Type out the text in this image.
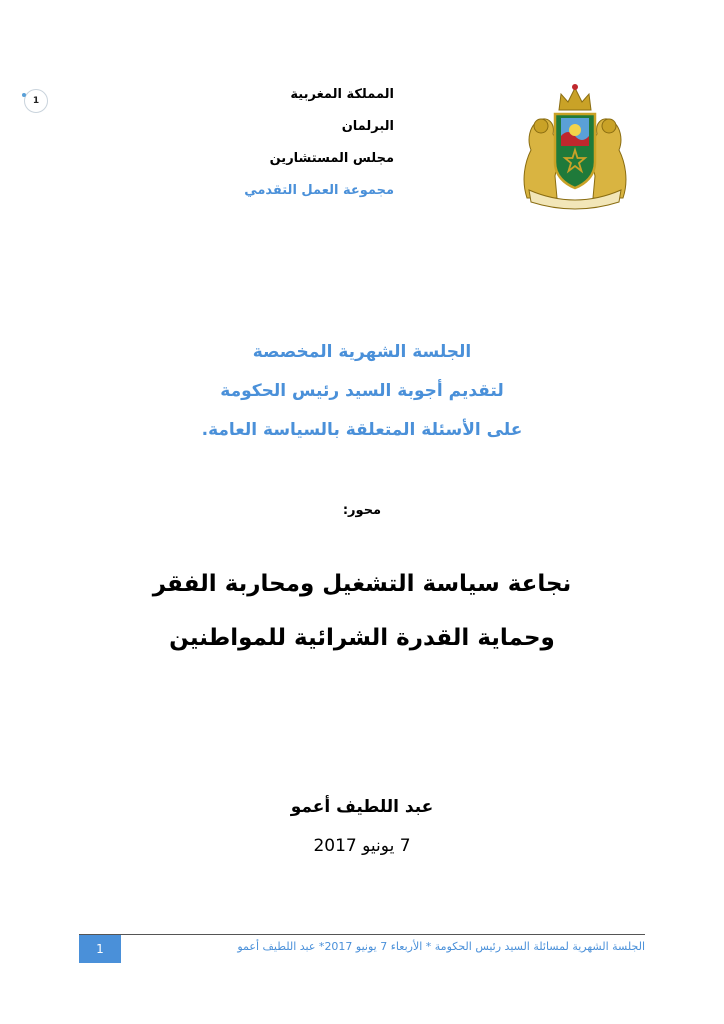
1	المملكة المغربية
البرلمان
مجلس المستشارين
مجموعة العمل التقدمي
الجلسة الشهرية المخصصة
لتقديم أجوبة السيد رئيس الحكومة
على الأسئلة المتعلقة بالسياسة العامة.
محور:
نجاعة سياسة التشغيل ومحاربة الفقر
وحماية القدرة الشرائية للمواطنين
عبد اللطيف أعمو
7 يونيو 2017
1	الجلسة الشهرية لمسائلة السيد رئيس الحكومة * الأربعاء 7 يونيو 2017* عبد اللطيف أعمو
